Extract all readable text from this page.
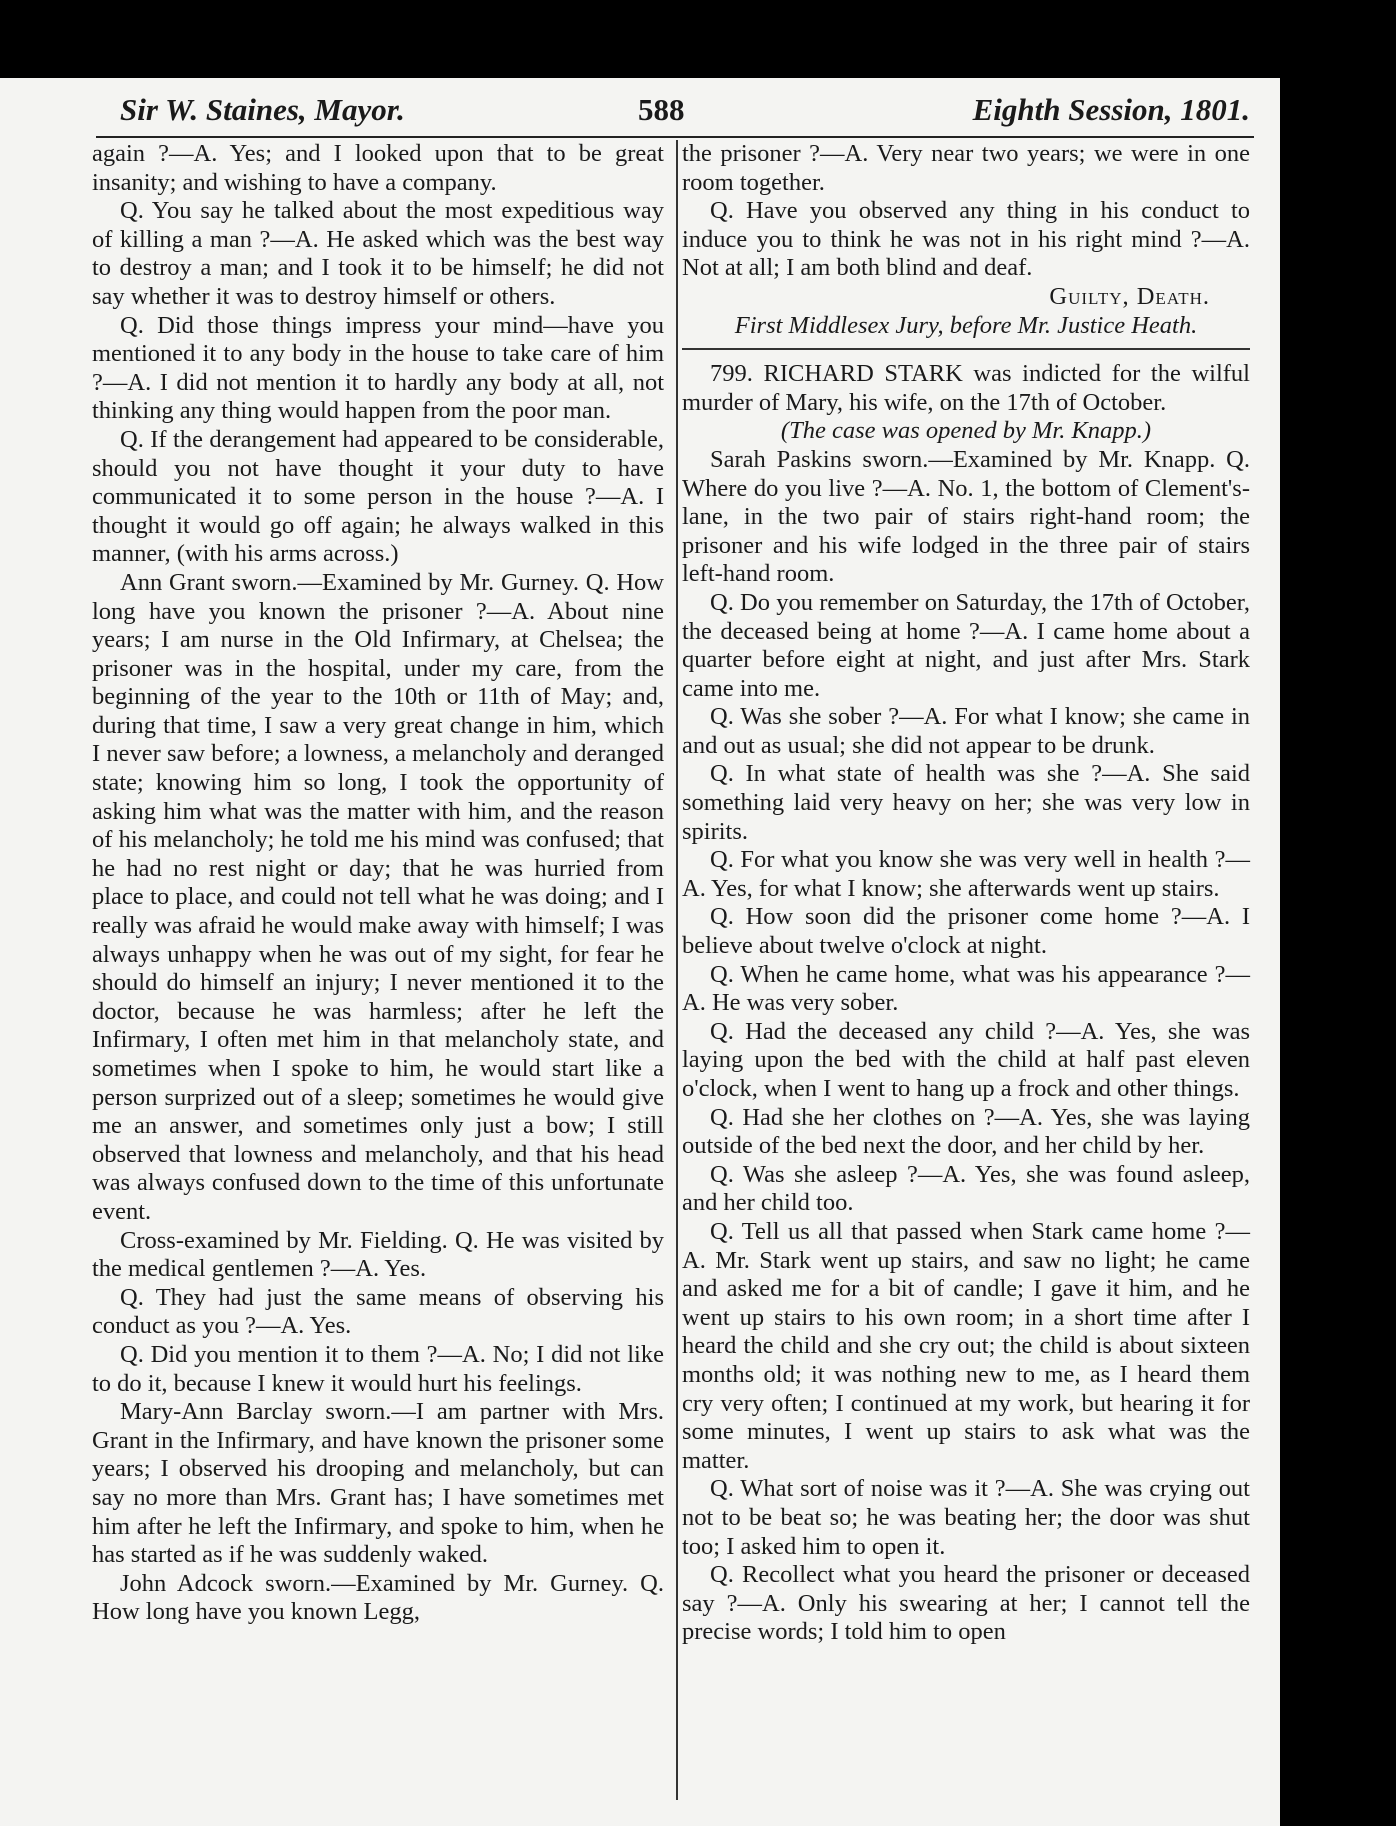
Sir W. Staines, Mayor.	588	Eighth Session, 1801.

again ?—A. Yes; and I looked upon that to be great insanity; and wishing to have a company.

Q. You say he talked about the most expeditious way of killing a man ?—A. He asked which was the best way to destroy a man; and I took it to be himself; he did not say whether it was to destroy himself or others.

Q. Did those things impress your mind—have you mentioned it to any body in the house to take care of him ?—A. I did not mention it to hardly any body at all, not thinking any thing would happen from the poor man.

Q. If the derangement had appeared to be considerable, should you not have thought it your duty to have communicated it to some person in the house ?—A. I thought it would go off again; he always walked in this manner, (with his arms across.)

Ann Grant sworn.—Examined by Mr. Gurney. Q. How long have you known the prisoner ?—A. About nine years; I am nurse in the Old Infirmary, at Chelsea; the prisoner was in the hospital, under my care, from the beginning of the year to the 10th or 11th of May; and, during that time, I saw a very great change in him, which I never saw before; a lowness, a melancholy and deranged state; knowing him so long, I took the opportunity of asking him what was the matter with him, and the reason of his melancholy; he told me his mind was confused; that he had no rest night or day; that he was hurried from place to place, and could not tell what he was doing; and I really was afraid he would make away with himself; I was always unhappy when he was out of my sight, for fear he should do himself an injury; I never mentioned it to the doctor, because he was harmless; after he left the Infirmary, I often met him in that melancholy state, and sometimes when I spoke to him, he would start like a person surprized out of a sleep; sometimes he would give me an answer, and sometimes only just a bow; I still observed that lowness and melancholy, and that his head was always confused down to the time of this unfortunate event.

Cross-examined by Mr. Fielding. Q. He was visited by the medical gentlemen ?—A. Yes.

Q. They had just the same means of observing his conduct as you ?—A. Yes.

Q. Did you mention it to them ?—A. No; I did not like to do it, because I knew it would hurt his feelings.

Mary-Ann Barclay sworn.—I am partner with Mrs. Grant in the Infirmary, and have known the prisoner some years; I observed his drooping and melancholy, but can say no more than Mrs. Grant has; I have sometimes met him after he left the Infirmary, and spoke to him, when he has started as if he was suddenly waked.

John Adcock sworn.—Examined by Mr. Gurney. Q. How long have you known Legg,

the prisoner ?—A. Very near two years; we were in one room together.

Q. Have you observed any thing in his conduct to induce you to think he was not in his right mind ?—A. Not at all; I am both blind and deaf.

Guilty, Death.

First Middlesex Jury, before Mr. Justice Heath.

799. RICHARD STARK was indicted for the wilful murder of Mary, his wife, on the 17th of October.

(The case was opened by Mr. Knapp.)

Sarah Paskins sworn.—Examined by Mr. Knapp. Q. Where do you live ?—A. No. 1, the bottom of Clement's-lane, in the two pair of stairs right-hand room; the prisoner and his wife lodged in the three pair of stairs left-hand room.

Q. Do you remember on Saturday, the 17th of October, the deceased being at home ?—A. I came home about a quarter before eight at night, and just after Mrs. Stark came into me.

Q. Was she sober ?—A. For what I know; she came in and out as usual; she did not appear to be drunk.

Q. In what state of health was she ?—A. She said something laid very heavy on her; she was very low in spirits.

Q. For what you know she was very well in health ?—A. Yes, for what I know; she afterwards went up stairs.

Q. How soon did the prisoner come home ?—A. I believe about twelve o'clock at night.

Q. When he came home, what was his appearance ?—A. He was very sober.

Q. Had the deceased any child ?—A. Yes, she was laying upon the bed with the child at half past eleven o'clock, when I went to hang up a frock and other things.

Q. Had she her clothes on ?—A. Yes, she was laying outside of the bed next the door, and her child by her.

Q. Was she asleep ?—A. Yes, she was found asleep, and her child too.

Q. Tell us all that passed when Stark came home ?—A. Mr. Stark went up stairs, and saw no light; he came and asked me for a bit of candle; I gave it him, and he went up stairs to his own room; in a short time after I heard the child and she cry out; the child is about sixteen months old; it was nothing new to me, as I heard them cry very often; I continued at my work, but hearing it for some minutes, I went up stairs to ask what was the matter.

Q. What sort of noise was it ?—A. She was crying out not to be beat so; he was beating her; the door was shut too; I asked him to open it.

Q. Recollect what you heard the prisoner or deceased say ?—A. Only his swearing at her; I cannot tell the precise words; I told him to open
